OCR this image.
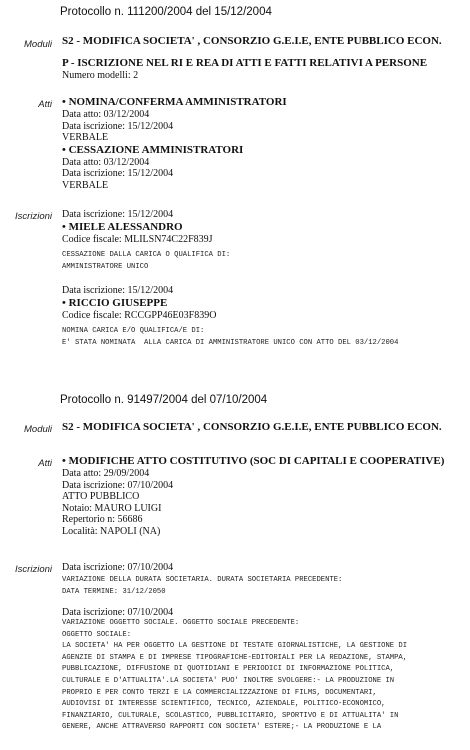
Protocollo n. 111200/2004 del 15/12/2004
Moduli S2 - MODIFICA SOCIETA' , CONSORZIO G.E.I.E, ENTE PUBBLICO ECON.
P - ISCRIZIONE NEL RI E REA DI ATTI E FATTI RELATIVI A PERSONE
Numero modelli: 2
Atti • NOMINA/CONFERMA AMMINISTRATORI
Data atto: 03/12/2004
Data iscrizione: 15/12/2004
VERBALE
• CESSAZIONE AMMINISTRATORI
Data atto: 03/12/2004
Data iscrizione: 15/12/2004
VERBALE
Iscrizioni Data iscrizione: 15/12/2004
• MIELE ALESSANDRO
Codice fiscale: MLILSN74C22F839J
CESSAZIONE DALLA CARICA O QUALIFICA DI:
AMMINISTRATORE UNICO
Data iscrizione: 15/12/2004
• RICCIO GIUSEPPE
Codice fiscale: RCCGPP46E03F839O
NOMINA CARICA E/O QUALIFICA/E DI:
E' STATA NOMINATA  ALLA CARICA DI AMMINISTRATORE UNICO CON ATTO DEL 03/12/2004
Protocollo n. 91497/2004 del 07/10/2004
Moduli S2 - MODIFICA SOCIETA' , CONSORZIO G.E.I.E, ENTE PUBBLICO ECON.
Atti • MODIFICHE ATTO COSTITUTIVO (SOC DI CAPITALI E COOPERATIVE)
Data atto: 29/09/2004
Data iscrizione: 07/10/2004
ATTO PUBBLICO
Notaio: MAURO LUIGI
Repertorio n: 56686
Località: NAPOLI (NA)
Iscrizioni Data iscrizione: 07/10/2004
VARIAZIONE DELLA DURATA SOCIETARIA. DURATA SOCIETARIA PRECEDENTE:
DATA TERMINE: 31/12/2050
Data iscrizione: 07/10/2004
VARIAZIONE OGGETTO SOCIALE. OGGETTO SOCIALE PRECEDENTE:
OGGETTO SOCIALE:
LA SOCIETA' HA PER OGGETTO LA GESTIONE DI TESTATE GIORNALISTICHE, LA GESTIONE DI
AGENZIE DI STAMPA E DI IMPRESE TIPOGRAFICHE-EDITORIALI PER LA REDAZIONE, STAMPA,
PUBBLICAZIONE, DIFFUSIONE DI QUOTIDIANI E PERIODICI DI INFORMAZIONE POLITICA,
CULTURALE E D'ATTUALITA'.LA SOCIETA' PUO' INOLTRE SVOLGERE:- LA PRODUZIONE IN
PROPRIO E PER CONTO TERZI E LA COMMERCIALIZZAZIONE DI FILMS, DOCUMENTARI,
AUDIOVISI DI INTERESSE SCIENTIFICO, TECNICO, AZIENDALE, POLITICO-ECONOMICO,
FINANZIARIO, CULTURALE, SCOLASTICO, PUBBLICITARIO, SPORTIVO E DI ATTUALITA' IN
GENERE, ANCHE ATTRAVERSO RAPPORTI CON SOCIETA' ESTERE;- LA PRODUZIONE E LA
